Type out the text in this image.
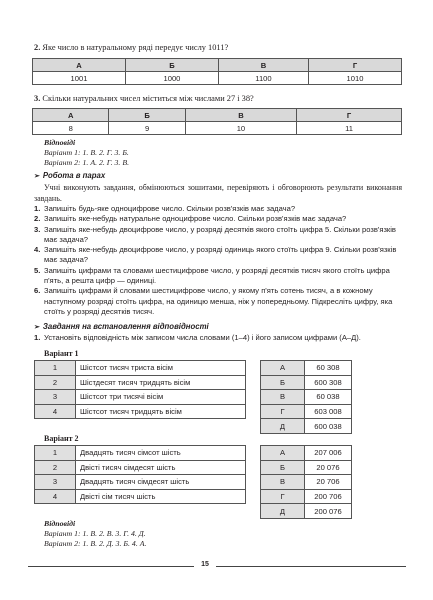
2. Яке число в натуральному ряді передує числу 1011?
А	Б	В	Г
1001	1000	1100	1010
3. Скільки натуральних чисел міститься між числами 27 і 38?
А	Б	В	Г
8	9	10	11
Відповіді
Варіант 1: 1. В. 2. Г. 3. Б.
Варіант 2: 1. А. 2. Г. 3. В.
➢ Робота в парах
Учні виконують завдання, обмінюються зошитами, перевіряють і обговорюють результати виконання завдань.
1. Запишіть будь-яке одноцифрове число. Скільки розв'язків має задача?
2. Запишіть яке-небудь натуральне одноцифрове число. Скільки розв'язків має задача?
3. Запишіть яке-небудь двоцифрове число, у розряді десятків якого стоїть цифра 5. Скільки розв'язків має задача?
4. Запишіть яке-небудь двоцифрове число, у розряді одиниць якого стоїть цифра 9. Скільки розв'язків має задача?
5. Запишіть цифрами та словами шестицифрове число, у розряді десятків тисяч якого стоїть цифра п'ять, а решта цифр — одиниці.
6. Запишіть цифрами й словами шестицифрове число, у якому п'ять сотень тисяч, а в кожному наступному розряді стоїть цифра, на одиницю менша, ніж у попередньому. Підкресліть цифру, яка стоїть у розряді десятків тисяч.
➢ Завдання на встановлення відповідності
1. Установіть відповідність між записом числа словами (1–4) і його записом цифрами (А–Д).
Варіант 1
1	Шістсот тисяч триста вісім		А	60 308
2	Шістдесят тисяч тридцять вісім		Б	600 308
3	Шістсот три тисячі вісім		В	60 038
4	Шістсот тисяч тридцять вісім		Г	603 008
			Д	600 038
Варіант 2
1	Двадцять тисяч сімсот шість		А	207 006
2	Двісті тисяч сімдесят шість		Б	20 076
3	Двадцять тисяч сімдесят шість		В	20 706
4	Двісті сім тисяч шість		Г	200 706
			Д	200 076
Відповіді
Варіант 1: 1. В. 2. В. 3. Г. 4. Д.
Варіант 2: 1. В. 2. Д. 3. Б. 4. А.
15
